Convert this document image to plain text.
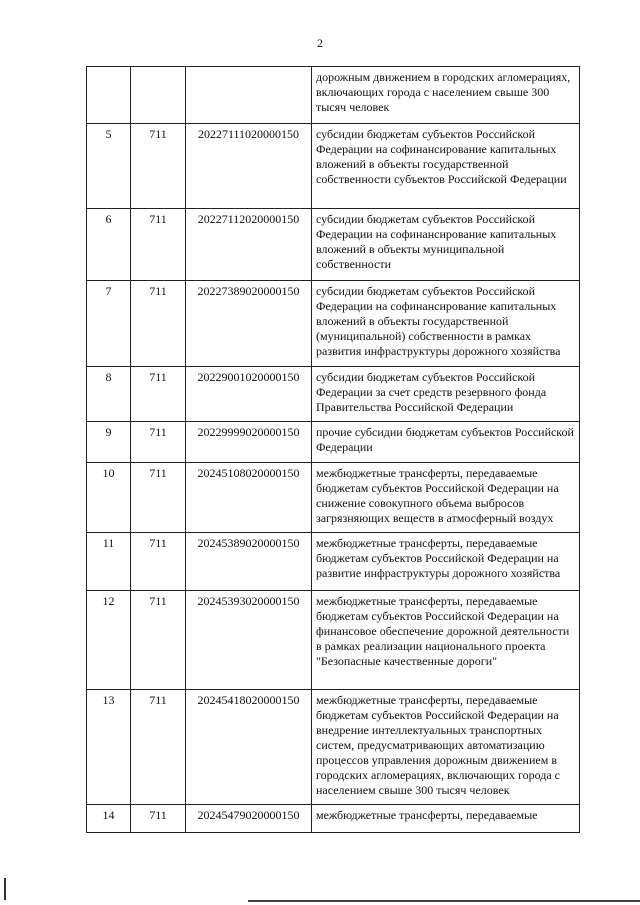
2
			дорожным движением в городских агломерациях, включающих города с населением свыше 300 тысяч человек
5	711	20227111020000150	субсидии бюджетам субъектов Российской Федерации на софинансирование капитальных вложений в объекты государственной собственности субъектов Российской Федерации
6	711	20227112020000150	субсидии бюджетам субъектов Российской Федерации на софинансирование капитальных вложений в объекты муниципальной собственности
7	711	20227389020000150	субсидии бюджетам субъектов Российской Федерации на софинансирование капитальных вложений в объекты государственной (муниципальной) собственности в рамках развития инфраструктуры дорожного хозяйства
8	711	20229001020000150	субсидии бюджетам субъектов Российской Федерации за счет средств резервного фонда Правительства Российской Федерации
9	711	20229999020000150	прочие субсидии бюджетам субъектов Российской Федерации
10	711	20245108020000150	межбюджетные трансферты, передаваемые бюджетам субъектов Российской Федерации на снижение совокупного объема выбросов загрязняющих веществ в атмосферный воздух
11	711	20245389020000150	межбюджетные трансферты, передаваемые бюджетам субъектов Российской Федерации на развитие инфраструктуры дорожного хозяйства
12	711	20245393020000150	межбюджетные трансферты, передаваемые бюджетам субъектов Российской Федерации на финансовое обеспечение дорожной деятельности в рамках реализации национального проекта "Безопасные качественные дороги"
13	711	20245418020000150	межбюджетные трансферты, передаваемые бюджетам субъектов Российской Федерации на внедрение интеллектуальных транспортных систем, предусматривающих автоматизацию процессов управления дорожным движением в городских агломерациях, включающих города с населением свыше 300 тысяч человек
14	711	20245479020000150	межбюджетные трансферты, передаваемые
